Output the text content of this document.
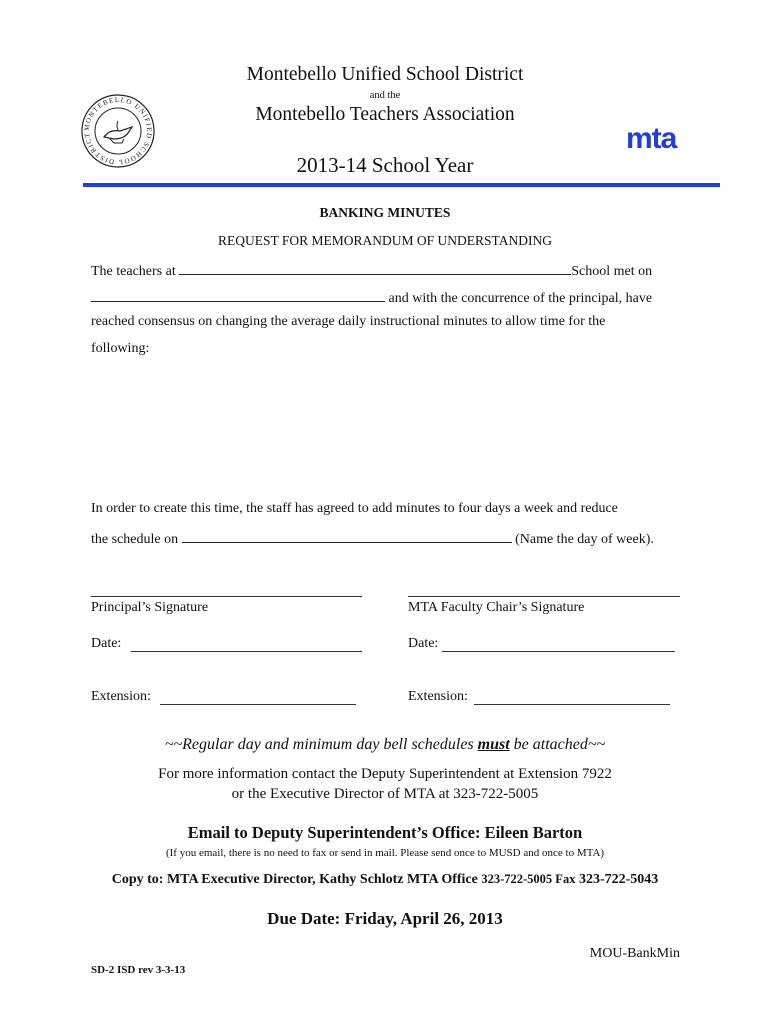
MONTEBELLO UNIFIED SCHOOL DISTRICT
Montebello Unified School District
and the
Montebello Teachers Association
2013-14 School Year
mta
BANKING MINUTES
REQUEST FOR MEMORANDUM OF UNDERSTANDING
The teachers at	School met on
and with the concurrence of the principal, have
reached consensus on changing the average daily instructional minutes to allow time for the
following:
In order to create this time, the staff has agreed to add minutes to four days a week and reduce
the schedule on	(Name the day of week).
Principal’s Signature	MTA Faculty Chair’s Signature
Date:	Date:
Extension:	Extension:
~~Regular day and minimum day bell schedules must be attached~~
For more information contact the Deputy Superintendent at Extension 7922
or the Executive Director of MTA at 323-722-5005
Email to Deputy Superintendent’s Office: Eileen Barton
(If you email, there is no need to fax or send in mail. Please send once to MUSD and once to MTA)
Copy to: MTA Executive Director, Kathy Schlotz MTA Office 323-722-5005 Fax 323-722-5043
Due Date: Friday, April 26, 2013
MOU-BankMin
SD-2 ISD rev 3-3-13
